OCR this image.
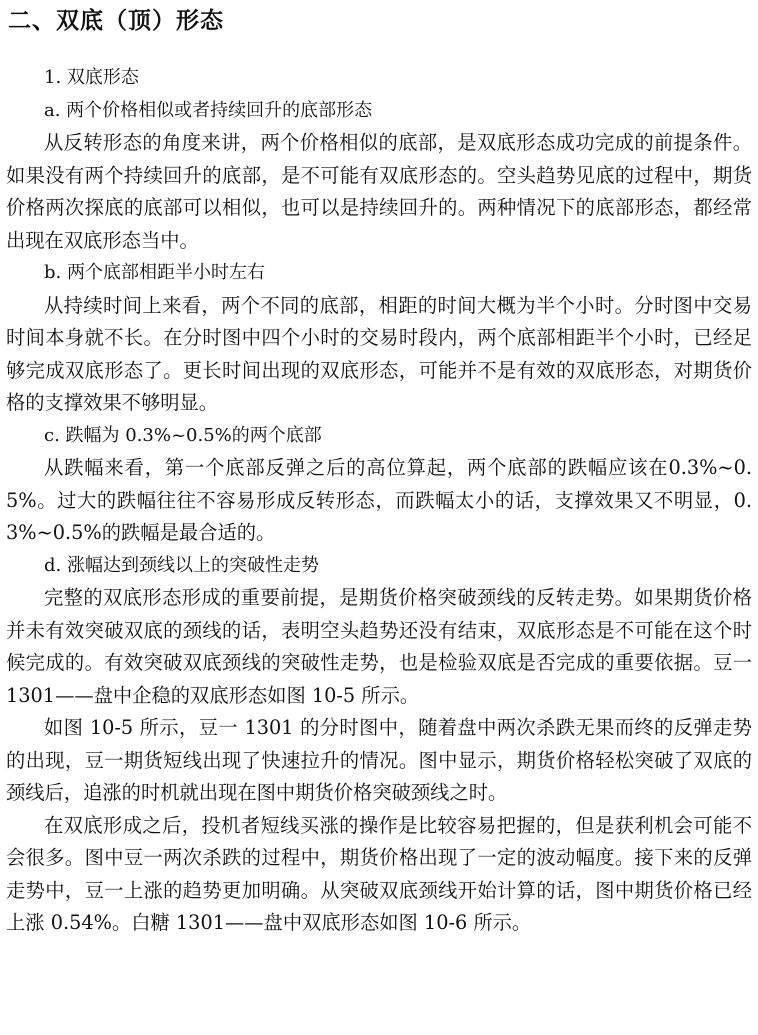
二、双底（顶）形态

1. 双底形态

a. 两个价格相似或者持续回升的底部形态

从反转形态的角度来讲，两个价格相似的底部，是双底形态成功完成的前提条件。如果没有两个持续回升的底部，是不可能有双底形态的。空头趋势见底的过程中，期货价格两次探底的底部可以相似，也可以是持续回升的。两种情况下的底部形态，都经常出现在双底形态当中。

b. 两个底部相距半小时左右

从持续时间上来看，两个不同的底部，相距的时间大概为半个小时。分时图中交易时间本身就不长。在分时图中四个小时的交易时段内，两个底部相距半个小时，已经足够完成双底形态了。更长时间出现的双底形态，可能并不是有效的双底形态，对期货价格的支撑效果不够明显。

c. 跌幅为 0.3%~0.5%的两个底部

从跌幅来看，第一个底部反弹之后的高位算起，两个底部的跌幅应该在0.3%~0.5%。过大的跌幅往往不容易形成反转形态，而跌幅太小的话，支撑效果又不明显，0.3%~0.5%的跌幅是最合适的。

d. 涨幅达到颈线以上的突破性走势

完整的双底形态形成的重要前提，是期货价格突破颈线的反转走势。如果期货价格并未有效突破双底的颈线的话，表明空头趋势还没有结束，双底形态是不可能在这个时候完成的。有效突破双底颈线的突破性走势，也是检验双底是否完成的重要依据。豆一 1301——盘中企稳的双底形态如图 10-5 所示。

如图 10-5 所示，豆一 1301 的分时图中，随着盘中两次杀跌无果而终的反弹走势的出现，豆一期货短线出现了快速拉升的情况。图中显示，期货价格轻松突破了双底的颈线后，追涨的时机就出现在图中期货价格突破颈线之时。

在双底形成之后，投机者短线买涨的操作是比较容易把握的，但是获利机会可能不会很多。图中豆一两次杀跌的过程中，期货价格出现了一定的波动幅度。接下来的反弹走势中，豆一上涨的趋势更加明确。从突破双底颈线开始计算的话，图中期货价格已经上涨 0.54%。白糖 1301——盘中双底形态如图 10-6 所示。
